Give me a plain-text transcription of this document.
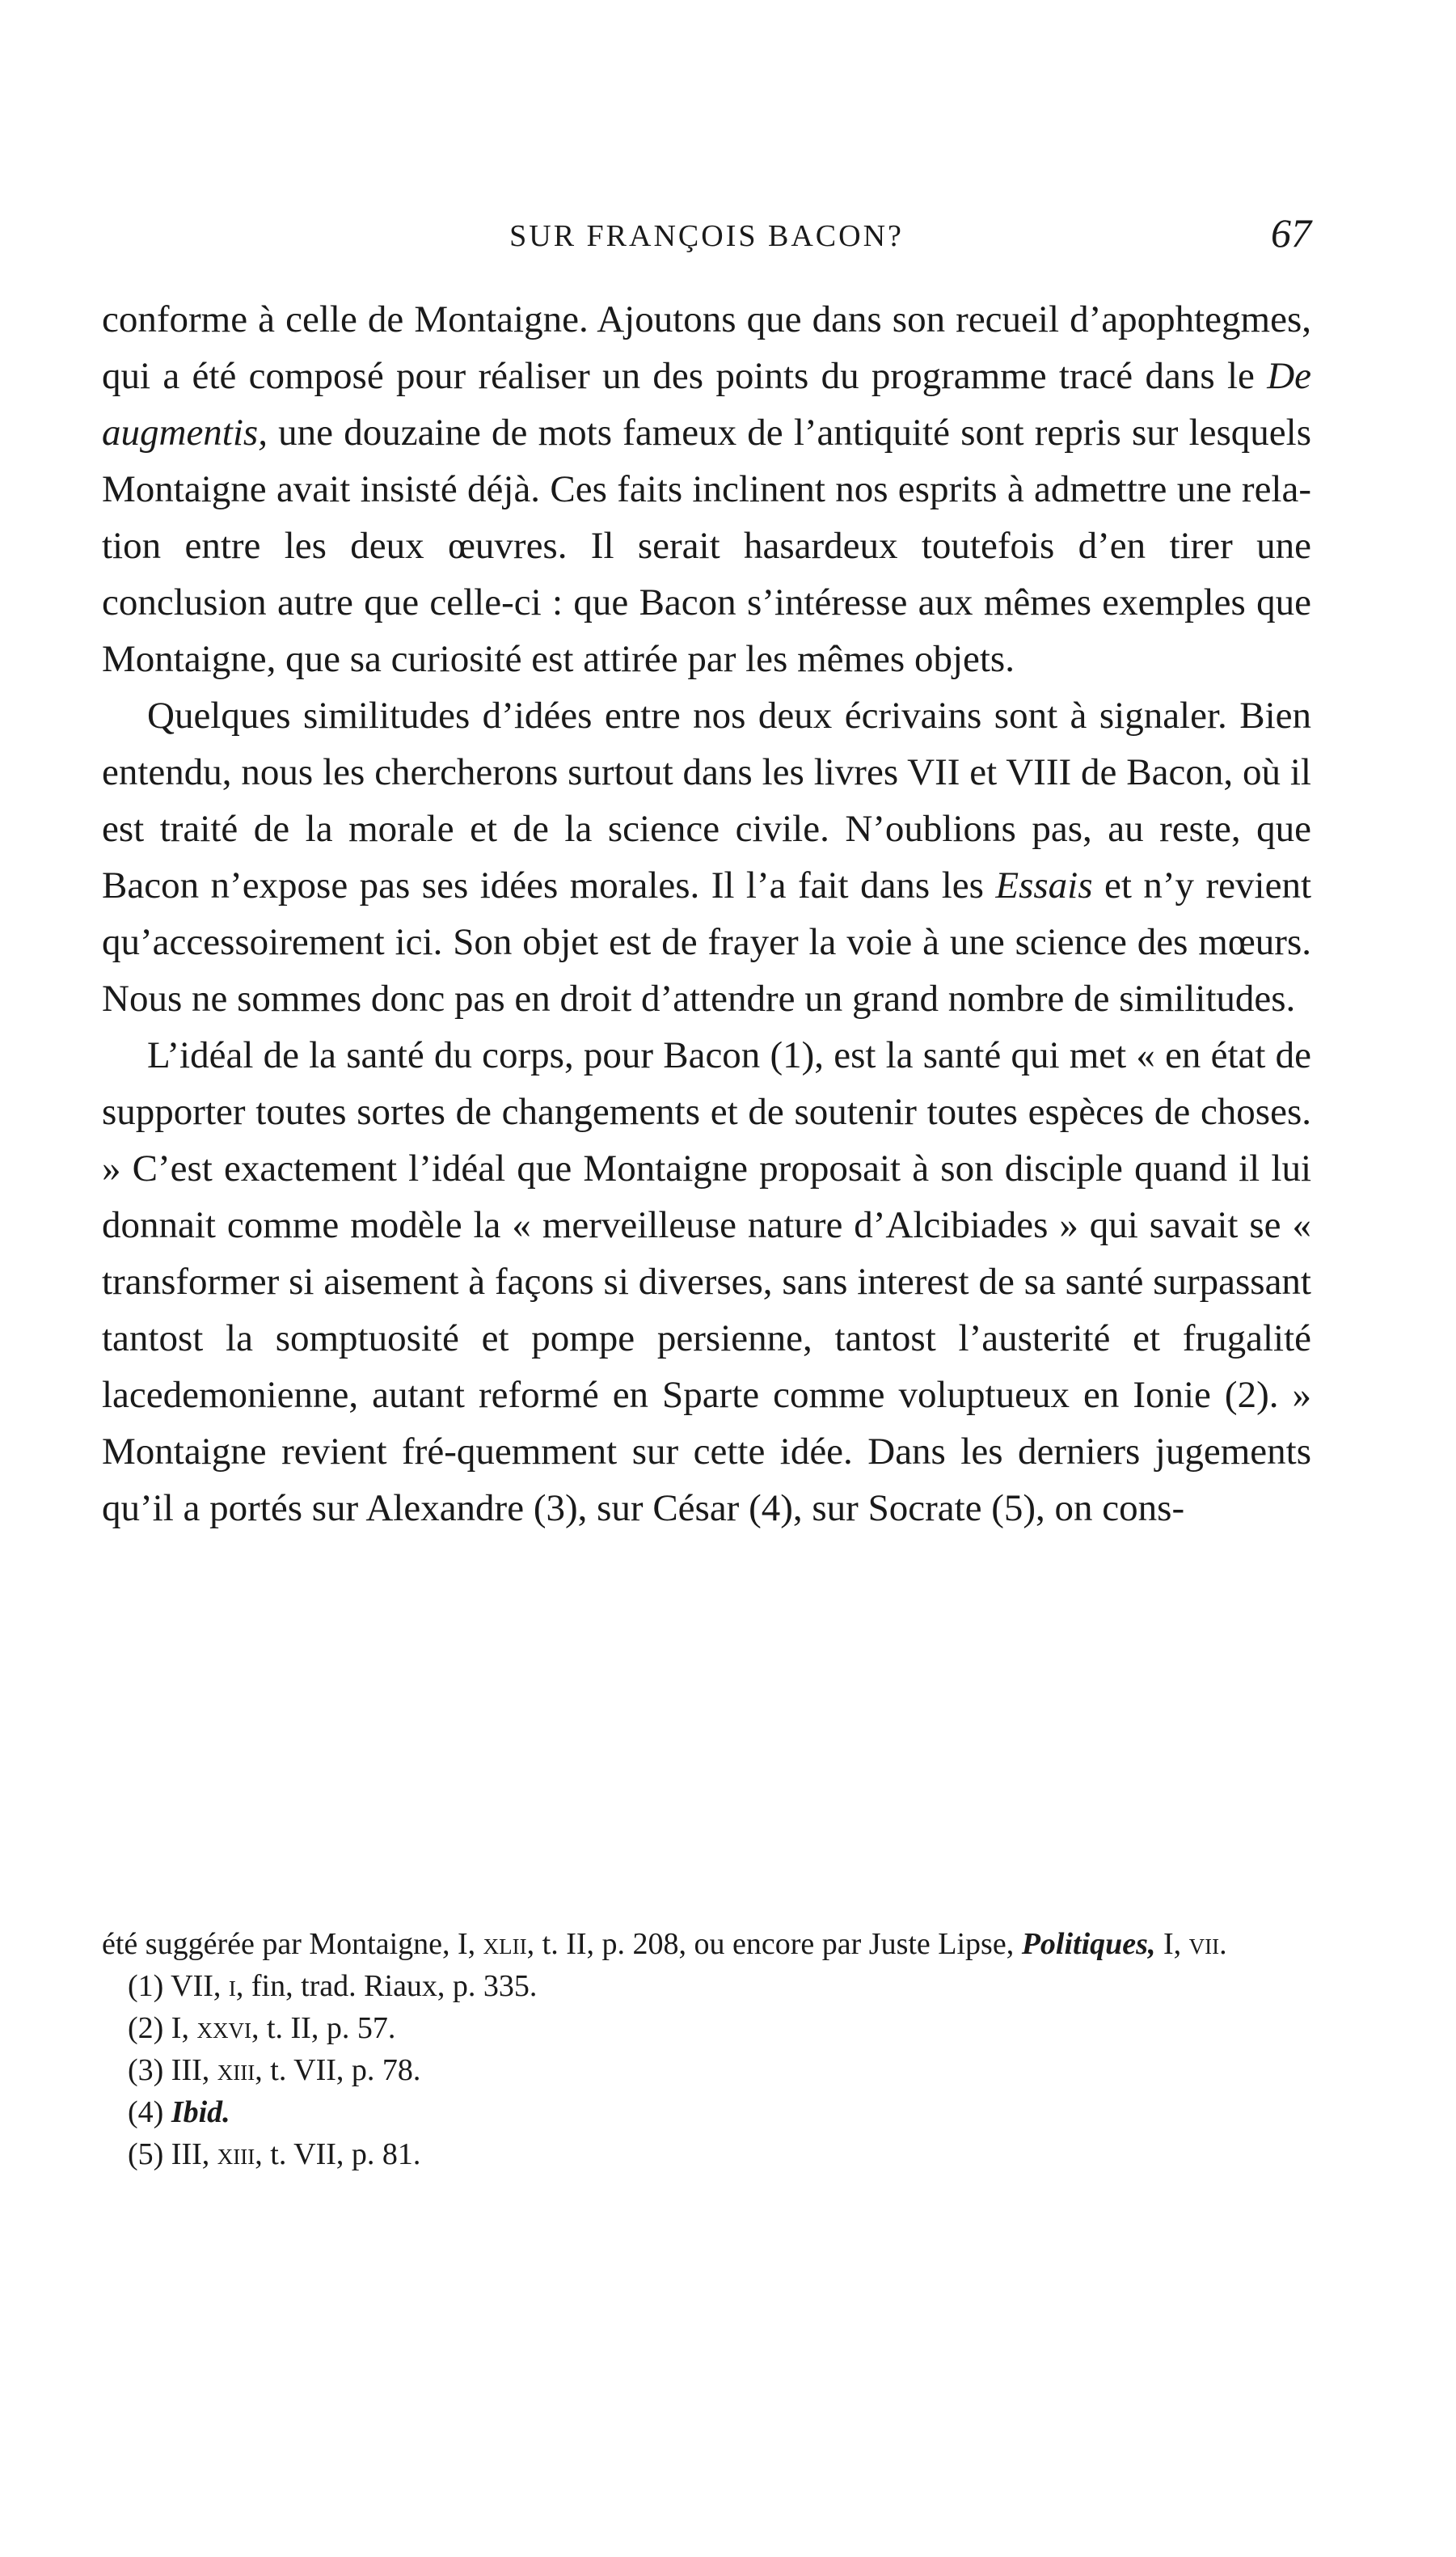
SUR FRANÇOIS BACON?	67

conforme à celle de Montaigne. Ajoutons que dans son recueil d’apophtegmes, qui a été composé pour réaliser un des points du programme tracé dans le De augmentis, une douzaine de mots fameux de l’antiquité sont repris sur lesquels Montaigne avait insisté déjà. Ces faits inclinent nos esprits à admettre une rela-tion entre les deux œuvres. Il serait hasardeux toutefois d’en tirer une conclusion autre que celle-ci : que Bacon s’intéresse aux mêmes exemples que Montaigne, que sa curiosité est attirée par les mêmes objets.

Quelques similitudes d’idées entre nos deux écrivains sont à signaler. Bien entendu, nous les chercherons surtout dans les livres VII et VIII de Bacon, où il est traité de la morale et de la science civile. N’oublions pas, au reste, que Bacon n’expose pas ses idées morales. Il l’a fait dans les Essais et n’y revient qu’accessoirement ici. Son objet est de frayer la voie à une science des mœurs. Nous ne sommes donc pas en droit d’attendre un grand nombre de similitudes.

L’idéal de la santé du corps, pour Bacon (1), est la santé qui met « en état de supporter toutes sortes de changements et de soutenir toutes espèces de choses. » C’est exactement l’idéal que Montaigne proposait à son disciple quand il lui donnait comme modèle la « merveilleuse nature d’Alcibiades » qui savait se « transformer si aisement à façons si diverses, sans interest de sa santé surpassant tantost la somptuosité et pompe persienne, tantost l’austerité et frugalité lacedemonienne, autant reformé en Sparte comme voluptueux en Ionie (2). » Montaigne revient fré-quemment sur cette idée. Dans les derniers jugements qu’il a portés sur Alexandre (3), sur César (4), sur Socrate (5), on cons-

été suggérée par Montaigne, I, xlii, t. II, p. 208, ou encore par Juste Lipse, Politiques, I, vii.

(1) VII, i, fin, trad. Riaux, p. 335.

(2) I, xxvi, t. II, p. 57.

(3) III, xiii, t. VII, p. 78.

(4) Ibid.

(5) III, xiii, t. VII, p. 81.
